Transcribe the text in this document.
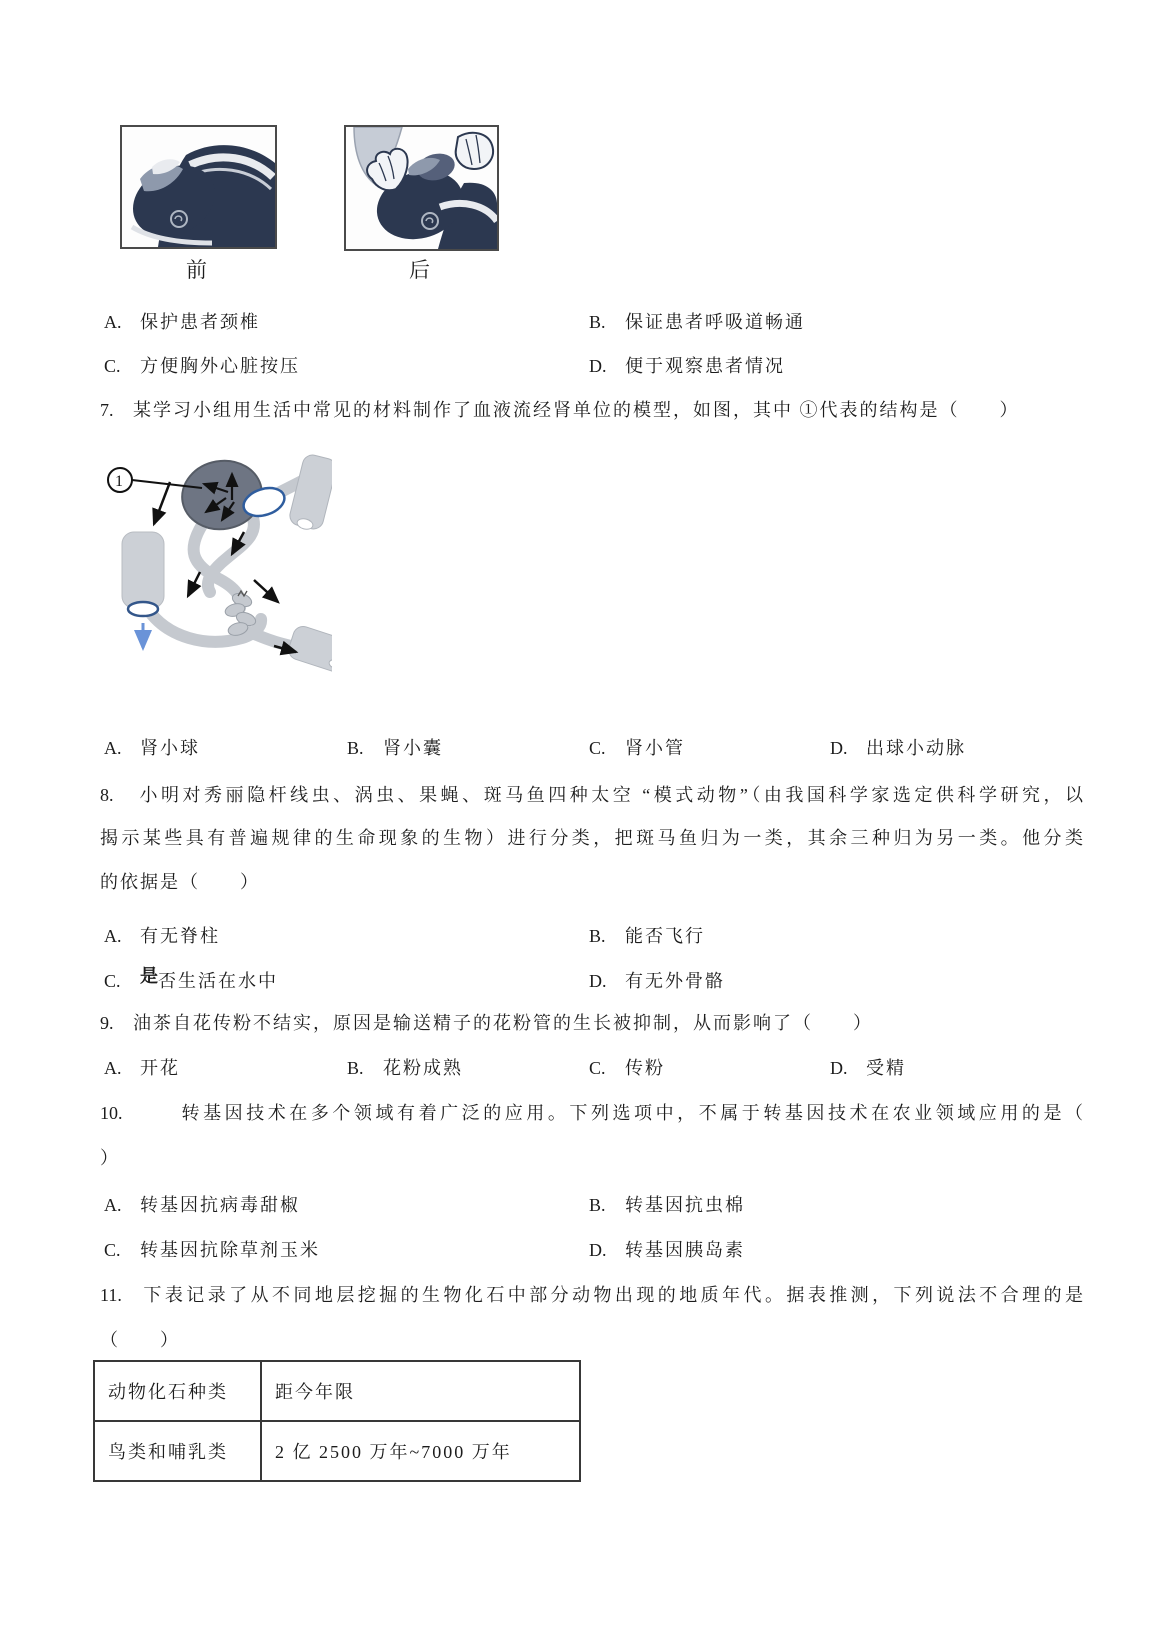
前	后
A. 保护患者颈椎	B. 保证患者呼吸道畅通
C. 方便胸外心脏按压	D. 便于观察患者情况
7. 某学习小组用生活中常见的材料制作了血液流经肾单位的模型，如图，其中 ①代表的结构是（　　）
1
A. 肾小球	B. 肾小囊	C. 肾小管	D. 出球小动脉
8. 小明对秀丽隐杆线虫、涡虫、果蝇、斑马鱼四种太空 “模式动物”（由我国科学家选定供科学研究，以
揭示某些具有普遍规律的生命现象的生物）进行分类，把斑马鱼归为一类，其余三种归为另一类。他分类
的依据是（　　）
A. 有无脊柱	B. 能否飞行
C. 是否生活在水中	D. 有无外骨骼
9. 油茶自花传粉不结实，原因是输送精子的花粉管的生长被抑制，从而影响了（　　）
A. 开花	B. 花粉成熟	C. 传粉	D. 受精
10.	转基因技术在多个领域有着广泛的应用。下列选项中，不属于转基因技术在农业领域应用的是（
）
A. 转基因抗病毒甜椒	B. 转基因抗虫棉
C. 转基因抗除草剂玉米	D. 转基因胰岛素
11. 下表记录了从不同地层挖掘的生物化石中部分动物出现的地质年代。据表推测，下列说法不合理的是
（　　）
动物化石种类	距今年限
鸟类和哺乳类	2 亿 2500 万年~7000 万年
